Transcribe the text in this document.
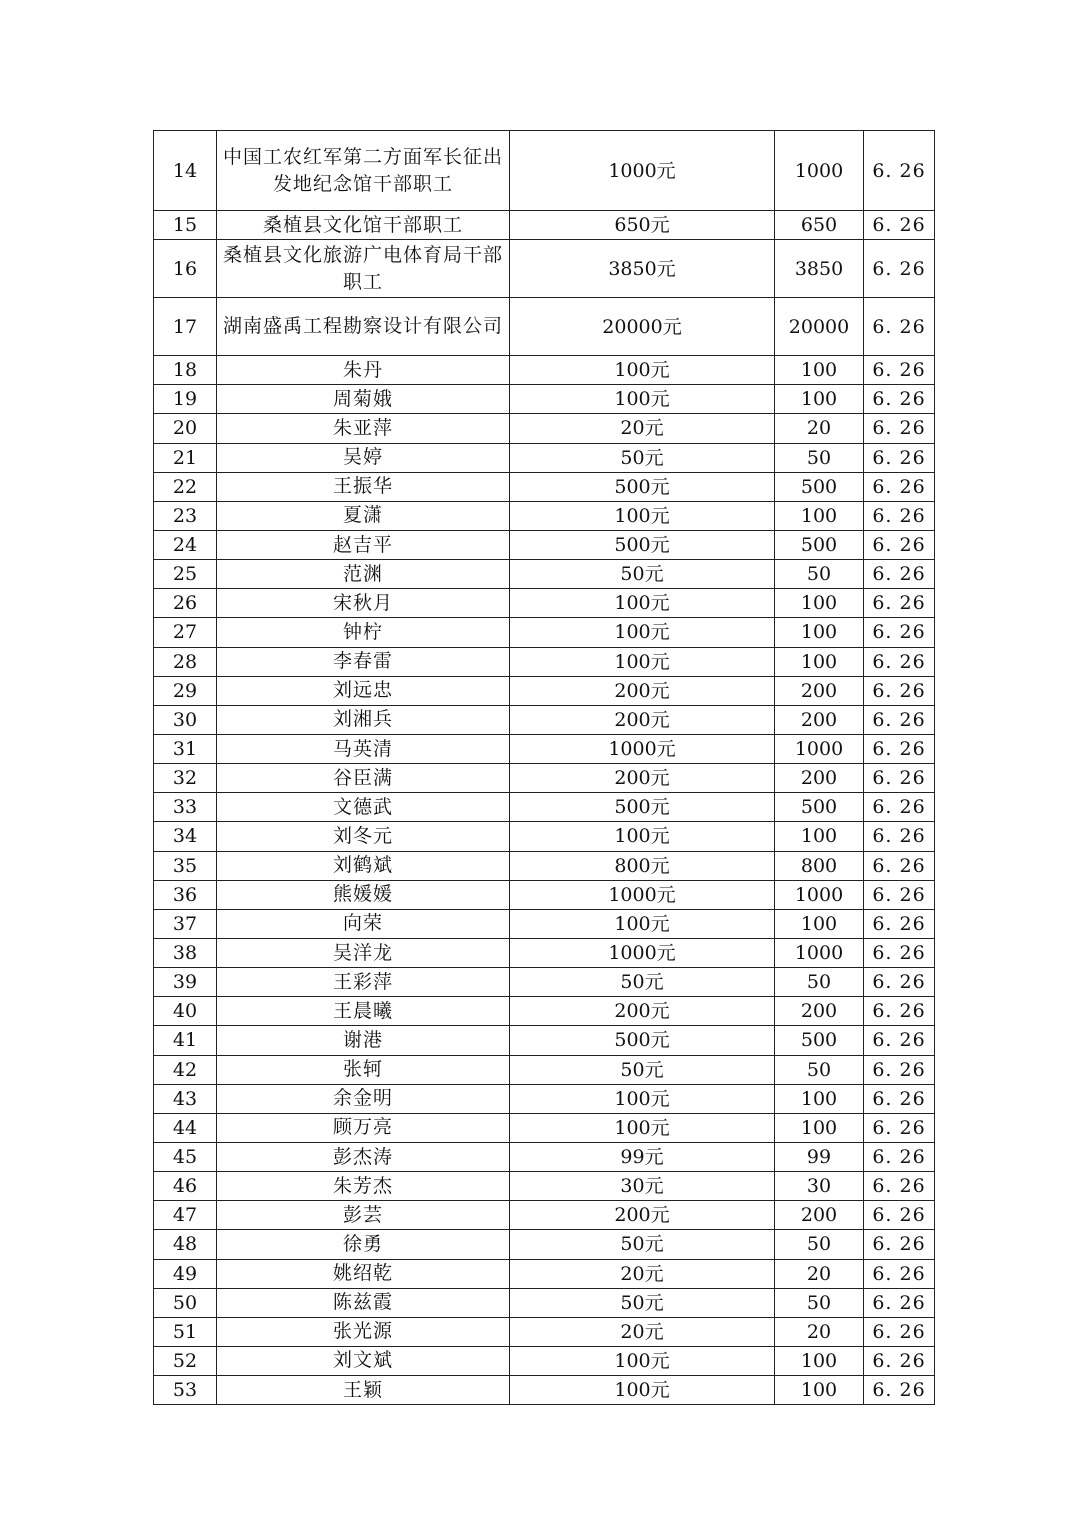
14	中国工农红军第二方面军长征出发地纪念馆干部职工	1000元	1000	6. 26
15	桑植县文化馆干部职工	650元	650	6. 26
16	桑植县文化旅游广电体育局干部职工	3850元	3850	6. 26
17	湖南盛禹工程勘察设计有限公司	20000元	20000	6. 26
18	朱丹	100元	100	6. 26
19	周菊娥	100元	100	6. 26
20	朱亚萍	20元	20	6. 26
21	吴婷	50元	50	6. 26
22	王振华	500元	500	6. 26
23	夏潇	100元	100	6. 26
24	赵吉平	500元	500	6. 26
25	范渊	50元	50	6. 26
26	宋秋月	100元	100	6. 26
27	钟柠	100元	100	6. 26
28	李春雷	100元	100	6. 26
29	刘远忠	200元	200	6. 26
30	刘湘兵	200元	200	6. 26
31	马英清	1000元	1000	6. 26
32	谷臣满	200元	200	6. 26
33	文德武	500元	500	6. 26
34	刘冬元	100元	100	6. 26
35	刘鹤斌	800元	800	6. 26
36	熊媛媛	1000元	1000	6. 26
37	向荣	100元	100	6. 26
38	吴洋龙	1000元	1000	6. 26
39	王彩萍	50元	50	6. 26
40	王晨曦	200元	200	6. 26
41	谢港	500元	500	6. 26
42	张轲	50元	50	6. 26
43	余金明	100元	100	6. 26
44	顾万亮	100元	100	6. 26
45	彭杰涛	99元	99	6. 26
46	朱芳杰	30元	30	6. 26
47	彭芸	200元	200	6. 26
48	徐勇	50元	50	6. 26
49	姚绍乾	20元	20	6. 26
50	陈兹霞	50元	50	6. 26
51	张光源	20元	20	6. 26
52	刘文斌	100元	100	6. 26
53	王颖	100元	100	6. 26
